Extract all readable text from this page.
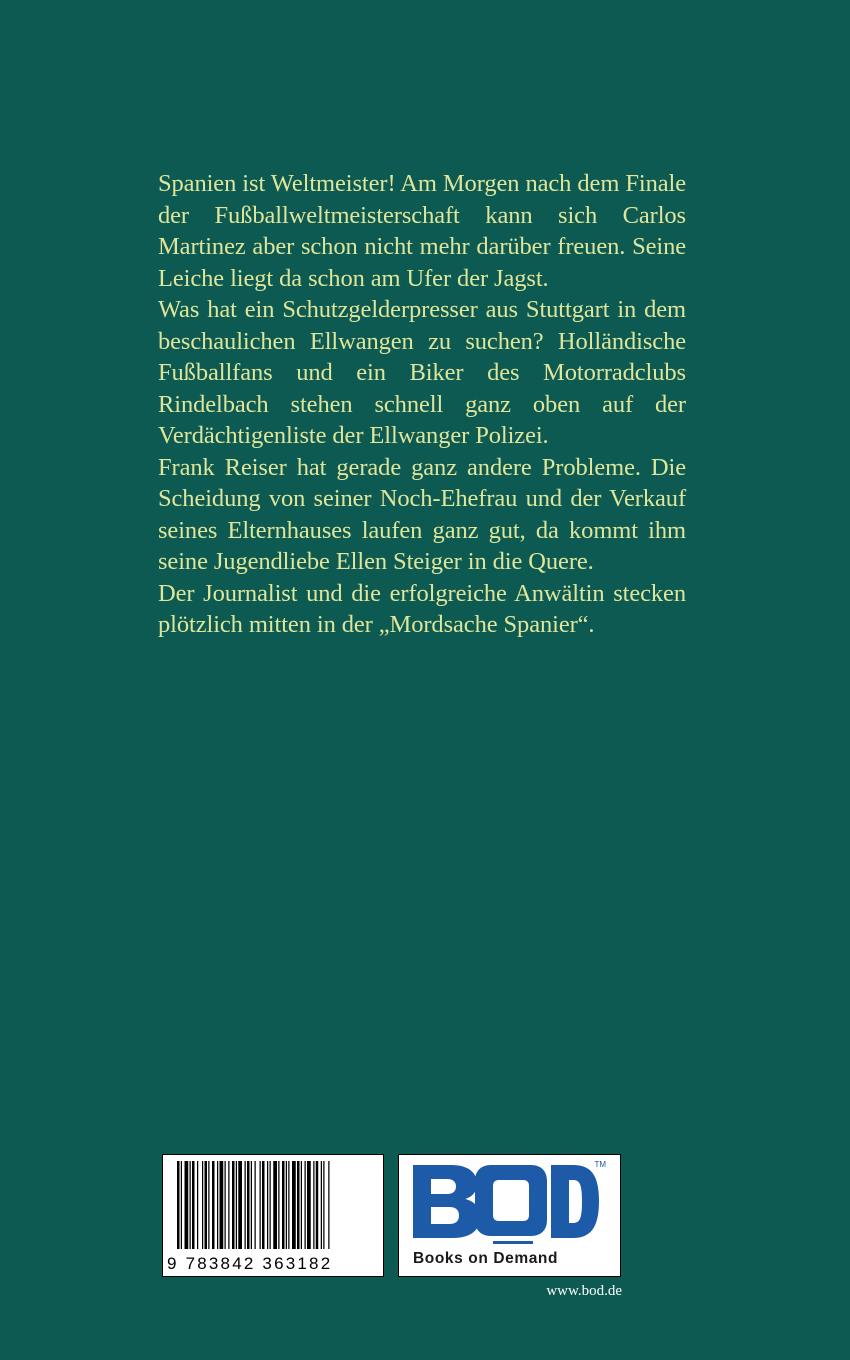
Spanien ist Weltmeister! Am Morgen nach dem Finale der Fußballweltmeisterschaft kann sich Carlos Martinez aber schon nicht mehr darüber freuen. Seine Leiche liegt da schon am Ufer der Jagst.

Was hat ein Schutzgelderpresser aus Stuttgart in dem beschaulichen Ellwangen zu suchen? Holländische Fußballfans und ein Biker des Motorradclubs Rindelbach stehen schnell ganz oben auf der Verdächtigenliste der Ellwanger Polizei.

Frank Reiser hat gerade ganz andere Probleme. Die Scheidung von seiner Noch-Ehefrau und der Verkauf seines Elternhauses laufen ganz gut, da kommt ihm seine Jugendliebe Ellen Steiger in die Quere.

Der Journalist und die erfolgreiche Anwältin stecken plötzlich mitten in der „Mordsache Spanier“.

9 783842 363182
TM
Books on Demand
www.bod.de
